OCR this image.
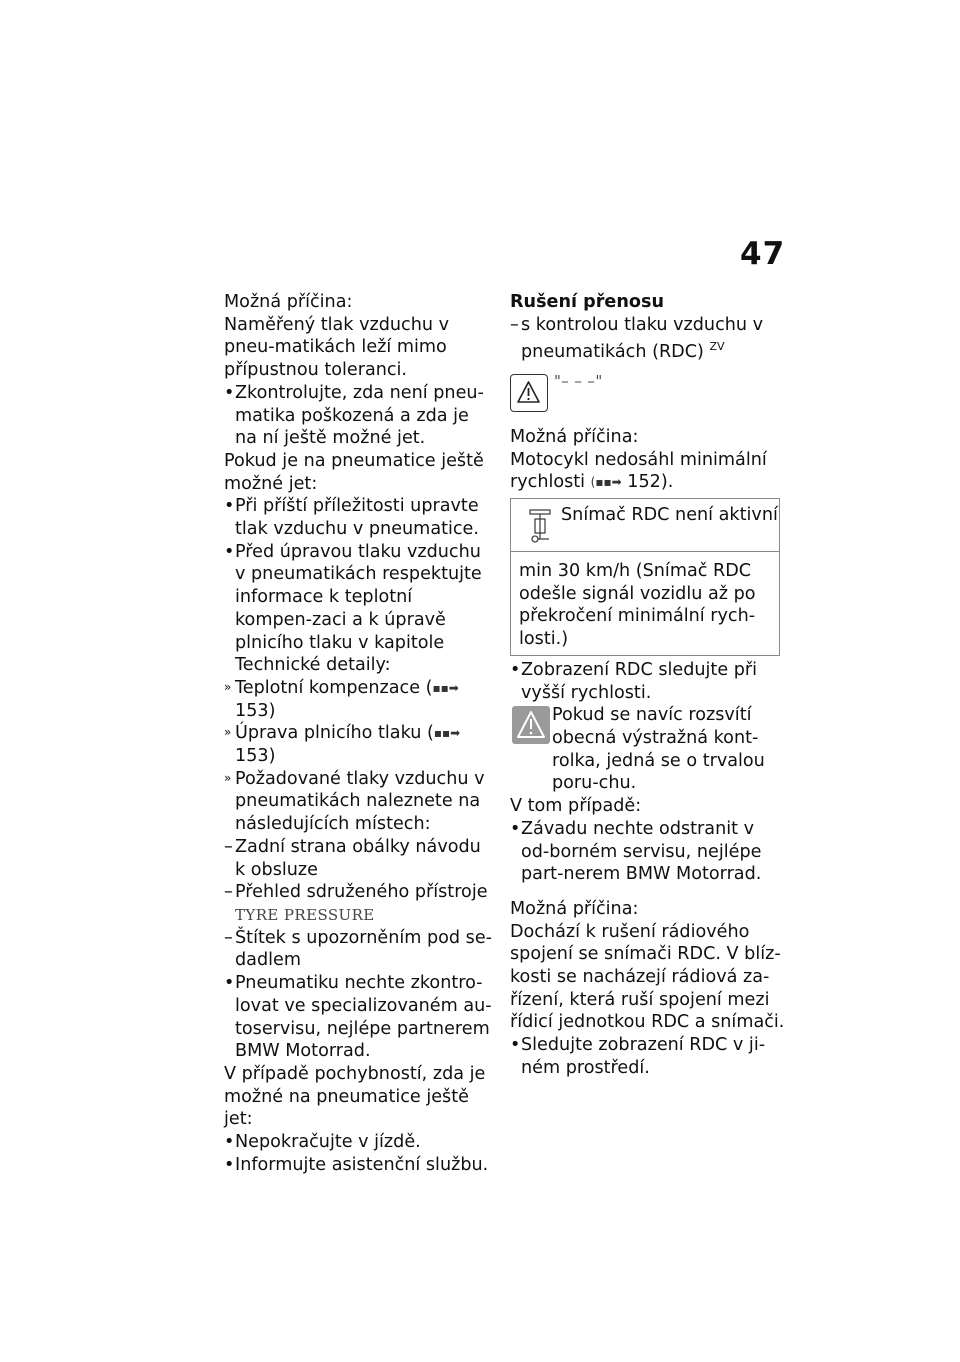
47

Možná příčina:

Naměřený tlak vzduchu v pneu-matikách leží mimo přípustnou toleranci.

• Zkontrolujte, zda není pneu-matika poškozená a zda je na ní ještě možné jet.

Pokud je na pneumatice ještě možné jet:

• Při příští příležitosti upravte tlak vzduchu v pneumatice.
• Před úpravou tlaku vzduchu v pneumatikách respektujte informace k teplotní kompen-zaci a k úpravě plnicího tlaku v kapitole Technické detaily:
» Teplotní kompenzace (▪▪➡ 153)
» Úprava plnicího tlaku (▪▪➡ 153)
» Požadované tlaky vzduchu v pneumatikách naleznete na následujících místech:
– Zadní strana obálky návodu k obsluze
– Přehled sdruženého přístroje
TYRE PRESSURE
– Štítek s upozorněním pod se-dadlem
• Pneumatiku nechte zkontro-lovat ve specializovaném au-toservisu, nejlépe partnerem BMW Motorrad.

V případě pochybností, zda je možné na pneumatice ještě jet:

• Nepokračujte v jízdě.
• Informujte asistenční službu.

Rušení přenosu

– s kontrolou tlaku vzduchu v pneumatikách (RDC) $^{ZV}$
"– – –"

Možná příčina:

Motocykl nedosáhl minimální rychlosti (▪▪➡ 152).

Snímač RDC není aktivní
min 30 km/h (Snímač RDC odešle signál vozidlu až po překročení minimální rych-losti.)
• Zobrazení RDC sledujte při vyšší rychlosti.
Pokud se navíc rozsvítí obecná výstražná kont-rolka, jedná se o trvalou poru-chu.

V tom případě:

• Závadu nechte odstranit v od-borném servisu, nejlépe part-nerem BMW Motorrad.

Možná příčina:

Dochází k rušení rádiového spojení se snímači RDC. V blíz-kosti se nacházejí rádiová za-řízení, která ruší spojení mezi řídicí jednotkou RDC a snímači.

• Sledujte zobrazení RDC v ji-ném prostředí.
